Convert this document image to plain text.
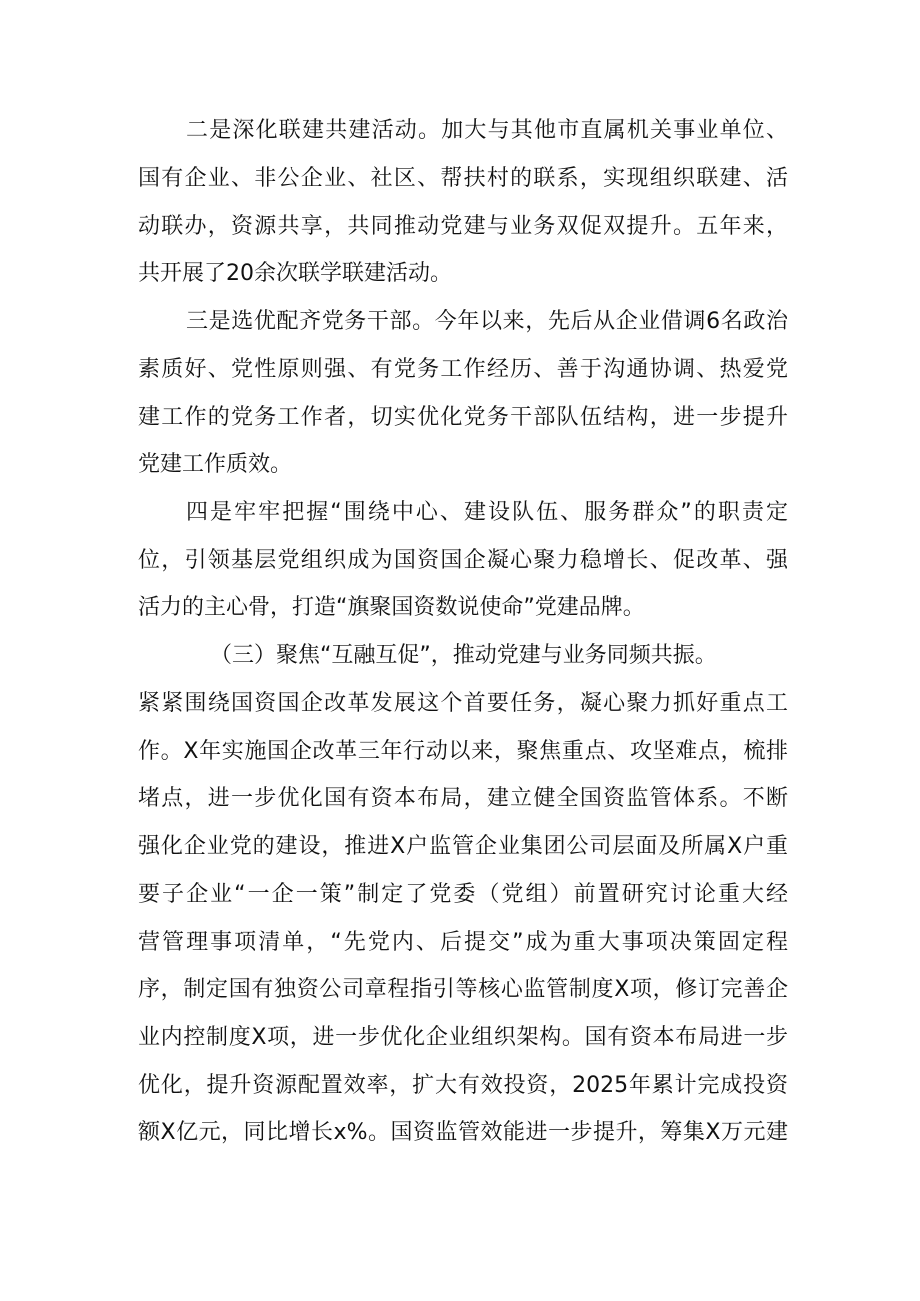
二是深化联建共建活动。加大与其他市直属机关事业单位、
国有企业、非公企业、社区、帮扶村的联系，实现组织联建、活
动联办，资源共享，共同推动党建与业务双促双提升。五年来，
共开展了20余次联学联建活动。
三是选优配齐党务干部。今年以来，先后从企业借调6名政治
素质好、党性原则强、有党务工作经历、善于沟通协调、热爱党
建工作的党务工作者，切实优化党务干部队伍结构，进一步提升
党建工作质效。
四是牢牢把握“围绕中心、建设队伍、服务群众”的职责定
位，引领基层党组织成为国资国企凝心聚力稳增长、促改革、强
活力的主心骨，打造“旗聚国资数说使命”党建品牌。
（三）聚焦“互融互促”，推动党建与业务同频共振。
紧紧围绕国资国企改革发展这个首要任务，凝心聚力抓好重点工
作。X年实施国企改革三年行动以来，聚焦重点、攻坚难点，梳排
堵点，进一步优化国有资本布局，建立健全国资监管体系。不断
强化企业党的建设，推进X户监管企业集团公司层面及所属X户重
要子企业“一企一策”制定了党委（党组）前置研究讨论重大经
营管理事项清单，“先党内、后提交”成为重大事项决策固定程
序，制定国有独资公司章程指引等核心监管制度X项，修订完善企
业内控制度X项，进一步优化企业组织架构。国有资本布局进一步
优化，提升资源配置效率，扩大有效投资，2025年累计完成投资
额X亿元，同比增长x%。国资监管效能进一步提升，筹集X万元建
